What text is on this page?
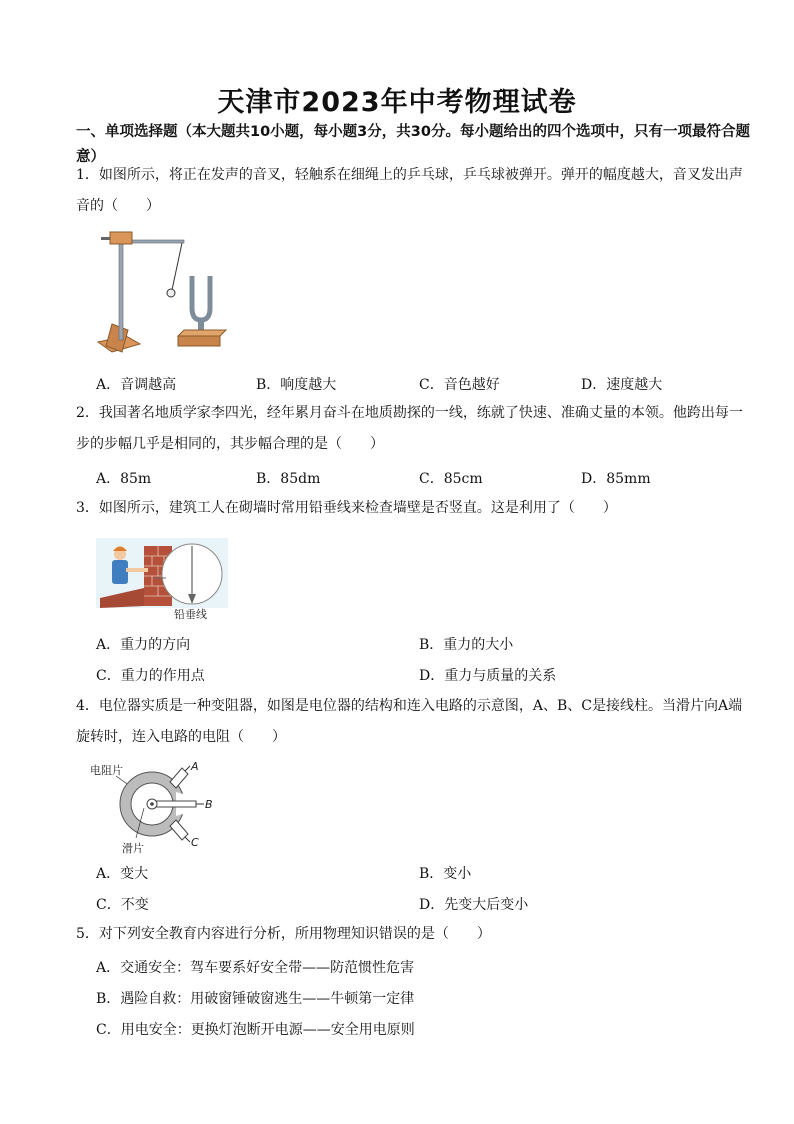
天津市2023年中考物理试卷
一、单项选择题（本大题共10小题，每小题3分，共30分。每小题给出的四个选项中，只有一项最符合题意）
1．如图所示，将正在发声的音叉，轻触系在细绳上的乒乓球，乒乓球被弹开。弹开的幅度越大，音叉发出声音的（　　）
A．音调越高	B．响度越大	C．音色越好	D．速度越大
2．我国著名地质学家李四光，经年累月奋斗在地质勘探的一线，练就了快速、准确丈量的本领。他跨出每一步的步幅几乎是相同的，其步幅合理的是（　　）
A．85m	B．85dm	C．85cm	D．85mm
3．如图所示，建筑工人在砌墙时常用铅垂线来检查墙壁是否竖直。这是利用了（　　）
铅垂线
A．重力的方向	B．重力的大小
C．重力的作用点	D．重力与质量的关系
4．电位器实质是一种变阻器，如图是电位器的结构和连入电路的示意图，A、B、C是接线柱。当滑片向A端旋转时，连入电路的电阻（　　）
电阻片
B
A
C
滑片
A．变大	B．变小
C．不变	D．先变大后变小
5．对下列安全教育内容进行分析，所用物理知识错误的是（　　）
A．交通安全：驾车要系好安全带——防范惯性危害
B．遇险自救：用破窗锤破窗逃生——牛顿第一定律
C．用电安全：更换灯泡断开电源——安全用电原则
